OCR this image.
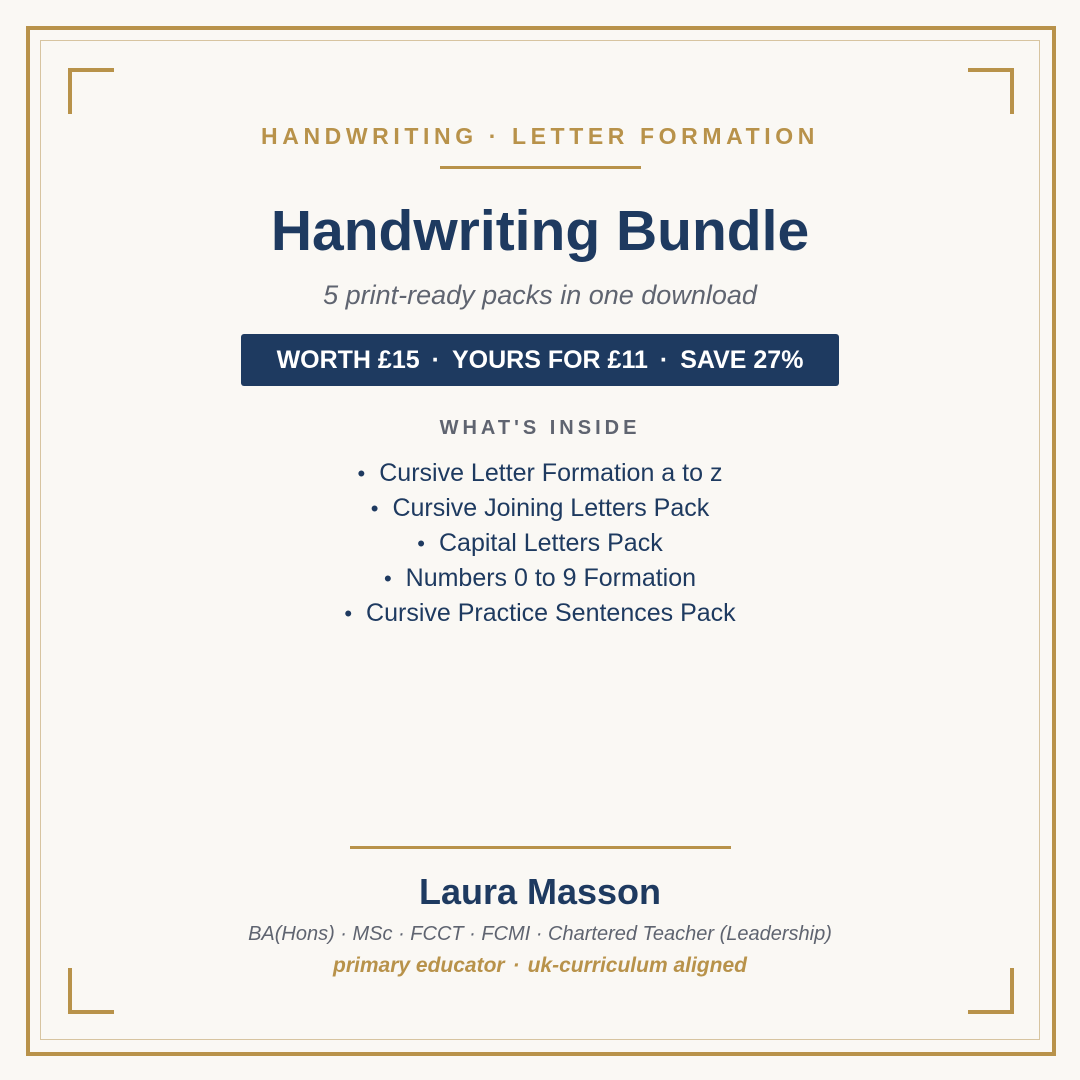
HANDWRITING · LETTER FORMATION
Handwriting Bundle
5 print-ready packs in one download
WORTH £15 · YOURS FOR £11 · SAVE 27%
WHAT'S INSIDE
• Cursive Letter Formation a to z
• Cursive Joining Letters Pack
• Capital Letters Pack
• Numbers 0 to 9 Formation
• Cursive Practice Sentences Pack
Laura Masson
BA(Hons) · MSc · FCCT · FCMI · Chartered Teacher (Leadership)
primary educator · uk-curriculum aligned
